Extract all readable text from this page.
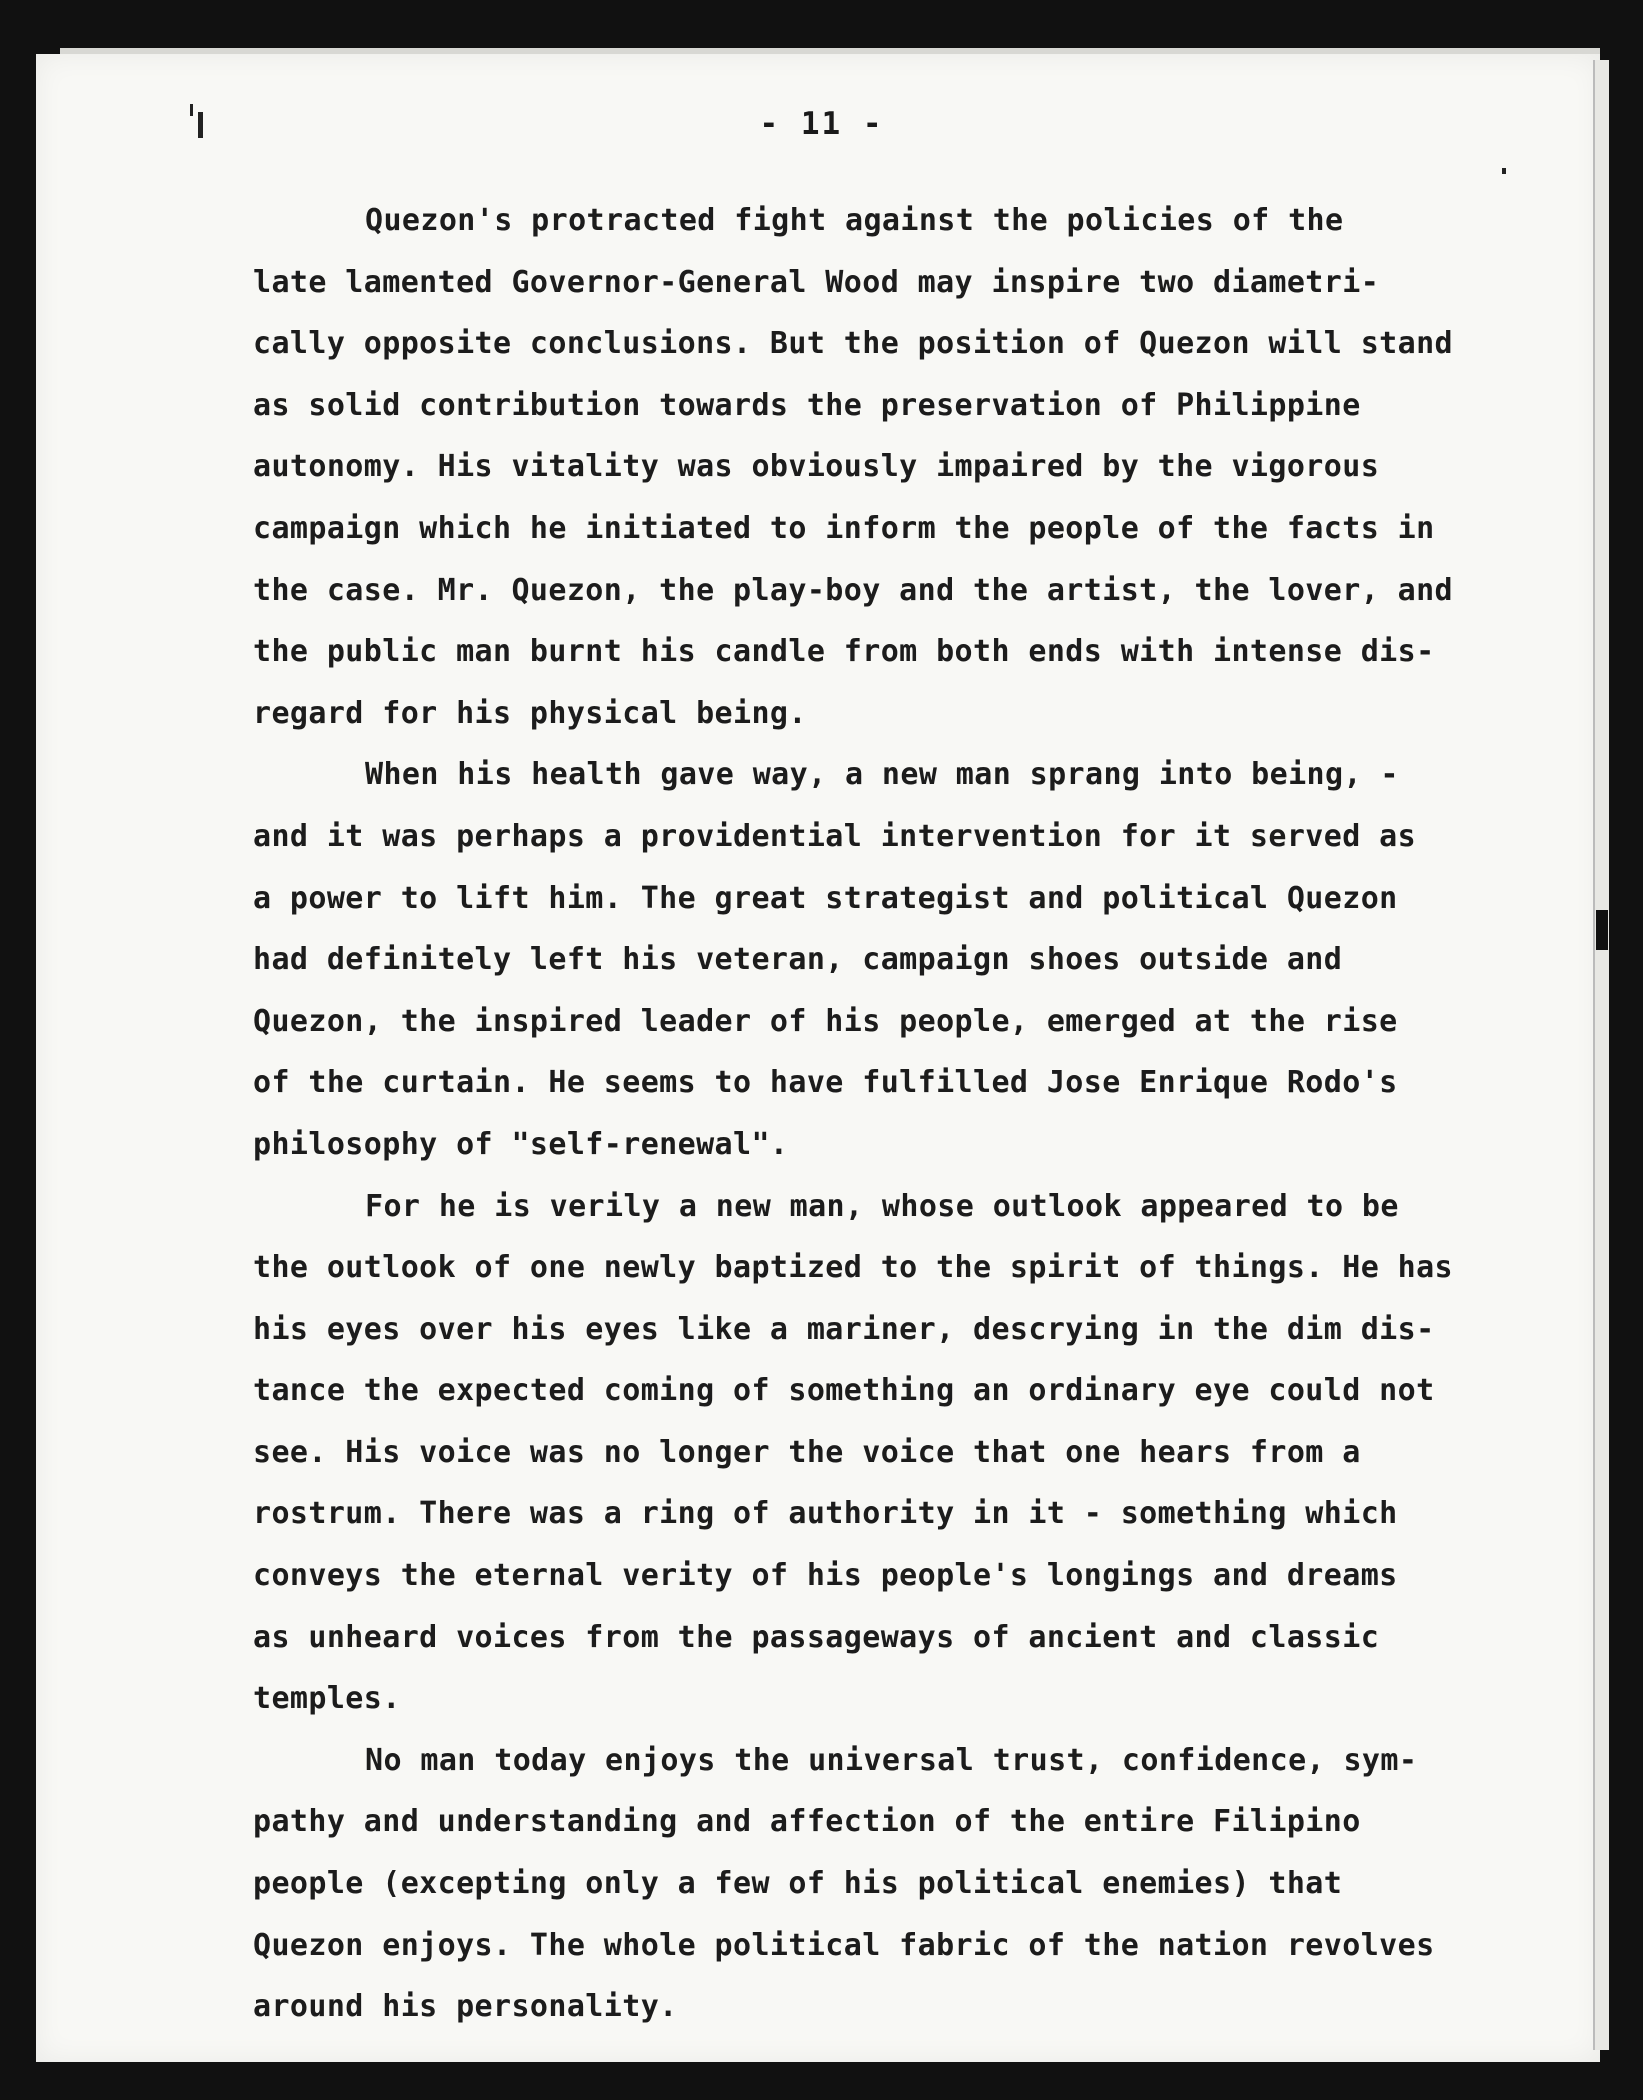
- 11 -
Quezon's protracted fight against the policies of the
late lamented Governor-General Wood may inspire two diametri-
cally opposite conclusions. But the position of Quezon will stand
as solid contribution towards the preservation of Philippine
autonomy. His vitality was obviously impaired by the vigorous
campaign which he initiated to inform the people of the facts in
the case. Mr. Quezon, the play-boy and the artist, the lover, and
the public man burnt his candle from both ends with intense dis-
regard for his physical being.
When his health gave way, a new man sprang into being, -
and it was perhaps a providential intervention for it served as
a power to lift him. The great strategist and political Quezon
had definitely left his veteran, campaign shoes outside and
Quezon, the inspired leader of his people, emerged at the rise
of the curtain. He seems to have fulfilled Jose Enrique Rodo's
philosophy of "self-renewal".
For he is verily a new man, whose outlook appeared to be
the outlook of one newly baptized to the spirit of things. He has
his eyes over his eyes like a mariner, descrying in the dim dis-
tance the expected coming of something an ordinary eye could not
see. His voice was no longer the voice that one hears from a
rostrum. There was a ring of authority in it - something which
conveys the eternal verity of his people's longings and dreams
as unheard voices from the passageways of ancient and classic
temples.
No man today enjoys the universal trust, confidence, sym-
pathy and understanding and affection of the entire Filipino
people (excepting only a few of his political enemies) that
Quezon enjoys. The whole political fabric of the nation revolves
around his personality.
